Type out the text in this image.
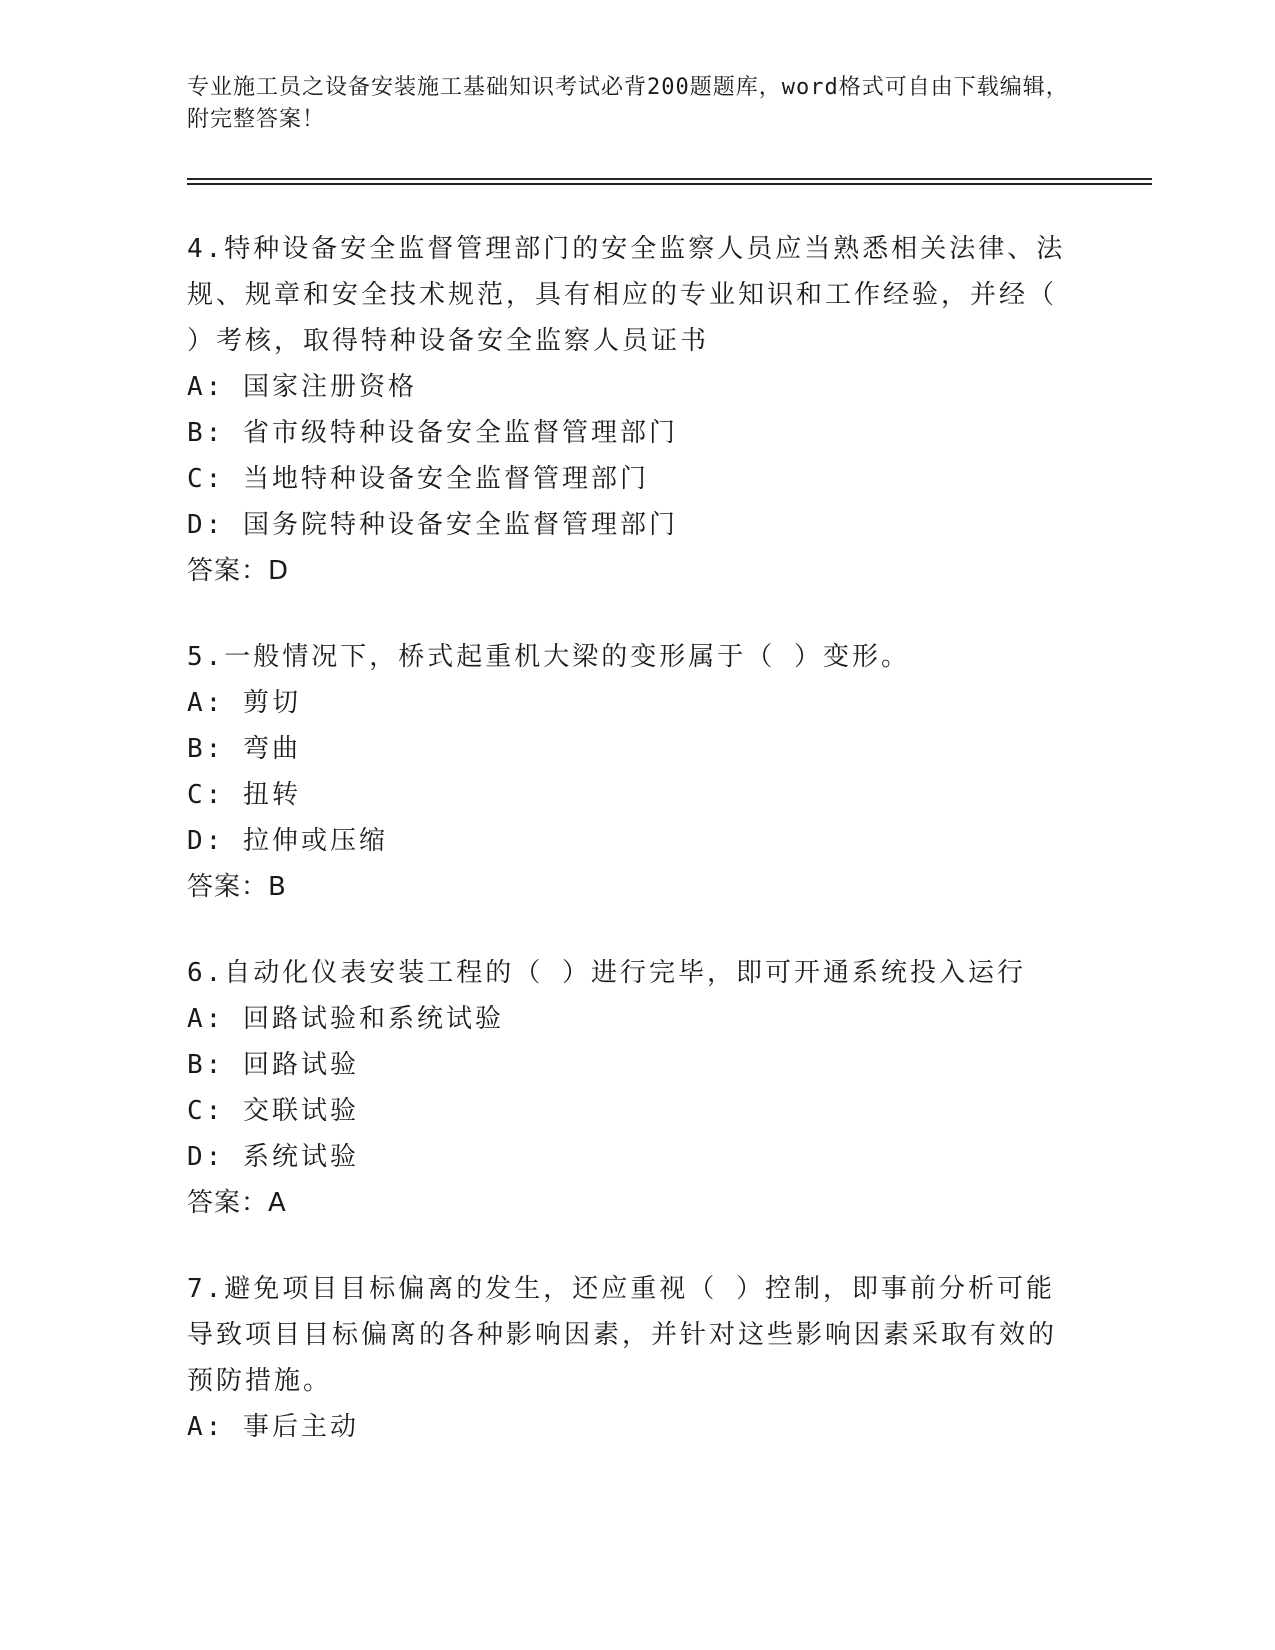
专业施工员之设备安装施工基础知识考试必背200题题库，word格式可自由下载编辑，附完整答案！
4.特种设备安全监督管理部门的安全监察人员应当熟悉相关法律、法规、规章和安全技术规范，具有相应的专业知识和工作经验，并经（ ）考核，取得特种设备安全监察人员证书
A: 国家注册资格
B: 省市级特种设备安全监督管理部门
C: 当地特种设备安全监督管理部门
D: 国务院特种设备安全监督管理部门
答案：D
5.一般情况下，桥式起重机大梁的变形属于（ ）变形。
A: 剪切
B: 弯曲
C: 扭转
D: 拉伸或压缩
答案：B
6.自动化仪表安装工程的（ ）进行完毕，即可开通系统投入运行
A: 回路试验和系统试验
B: 回路试验
C: 交联试验
D: 系统试验
答案：A
7.避免项目目标偏离的发生，还应重视（ ）控制，即事前分析可能导致项目目标偏离的各种影响因素，并针对这些影响因素采取有效的预防措施。
A: 事后主动
